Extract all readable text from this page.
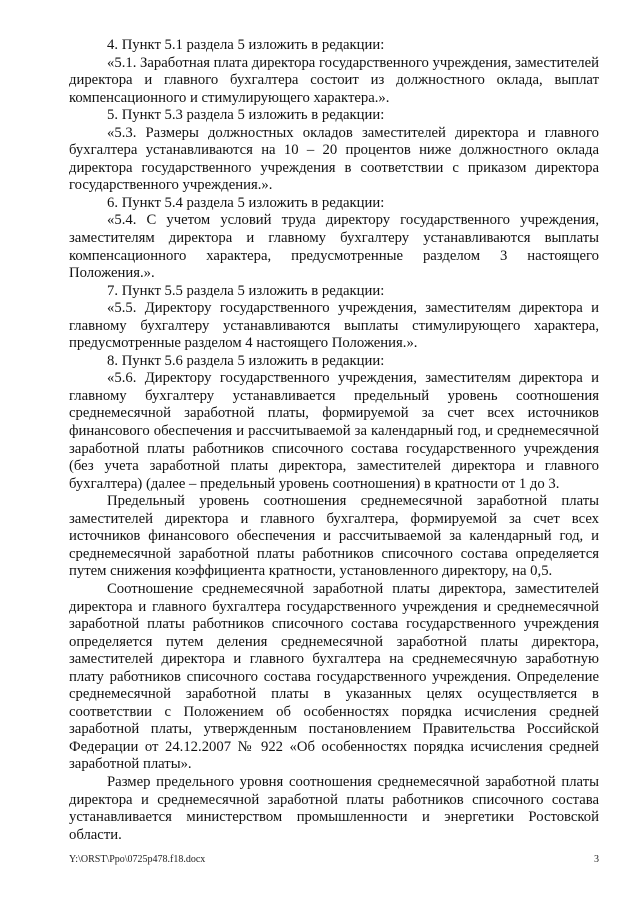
4. Пункт 5.1 раздела 5 изложить в редакции:

«5.1. Заработная плата директора государственного учреждения, заместителей директора и главного бухгалтера состоит из должностного оклада, выплат компенсационного и стимулирующего характера.».

5. Пункт 5.3 раздела 5 изложить в редакции:

«5.3. Размеры должностных окладов заместителей директора и главного бухгалтера устанавливаются на 10 – 20 процентов ниже должностного оклада директора государственного учреждения в соответствии с приказом директора государственного учреждения.».

6. Пункт 5.4 раздела 5 изложить в редакции:

«5.4. С учетом условий труда директору государственного учреждения, заместителям директора и главному бухгалтеру устанавливаются выплаты компенсационного характера, предусмотренные разделом 3 настоящего Положения.».

7. Пункт 5.5 раздела 5 изложить в редакции:

«5.5. Директору государственного учреждения, заместителям директора и главному бухгалтеру устанавливаются выплаты стимулирующего характера, предусмотренные разделом 4 настоящего Положения.».

8. Пункт 5.6 раздела 5 изложить в редакции:

«5.6. Директору государственного учреждения, заместителям директора и главному бухгалтеру устанавливается предельный уровень соотношения среднемесячной заработной платы, формируемой за счет всех источников финансового обеспечения и рассчитываемой за календарный год, и среднемесячной заработной платы работников списочного состава государственного учреждения (без учета заработной платы директора, заместителей директора и главного бухгалтера) (далее – предельный уровень соотношения) в кратности от 1 до 3.

Предельный уровень соотношения среднемесячной заработной платы заместителей директора и главного бухгалтера, формируемой за счет всех источников финансового обеспечения и рассчитываемой за календарный год, и среднемесячной заработной платы работников списочного состава определяется путем снижения коэффициента кратности, установленного директору, на 0,5.

Соотношение среднемесячной заработной платы директора, заместителей директора и главного бухгалтера государственного учреждения и среднемесячной заработной платы работников списочного состава государственного учреждения определяется путем деления среднемесячной заработной платы директора, заместителей директора и главного бухгалтера на среднемесячную заработную плату работников списочного состава государственного учреждения. Определение среднемесячной заработной платы в указанных целях осуществляется в соответствии с Положением об особенностях порядка исчисления средней заработной платы, утвержденным постановлением Правительства Российской Федерации от 24.12.2007 № 922 «Об особенностях порядка исчисления средней заработной платы».

Размер предельного уровня соотношения среднемесячной заработной платы директора и среднемесячной заработной платы работников списочного состава устанавливается министерством промышленности и энергетики Ростовской области.

Y:\ORST\Ppo\0725p478.f18.docx	3
